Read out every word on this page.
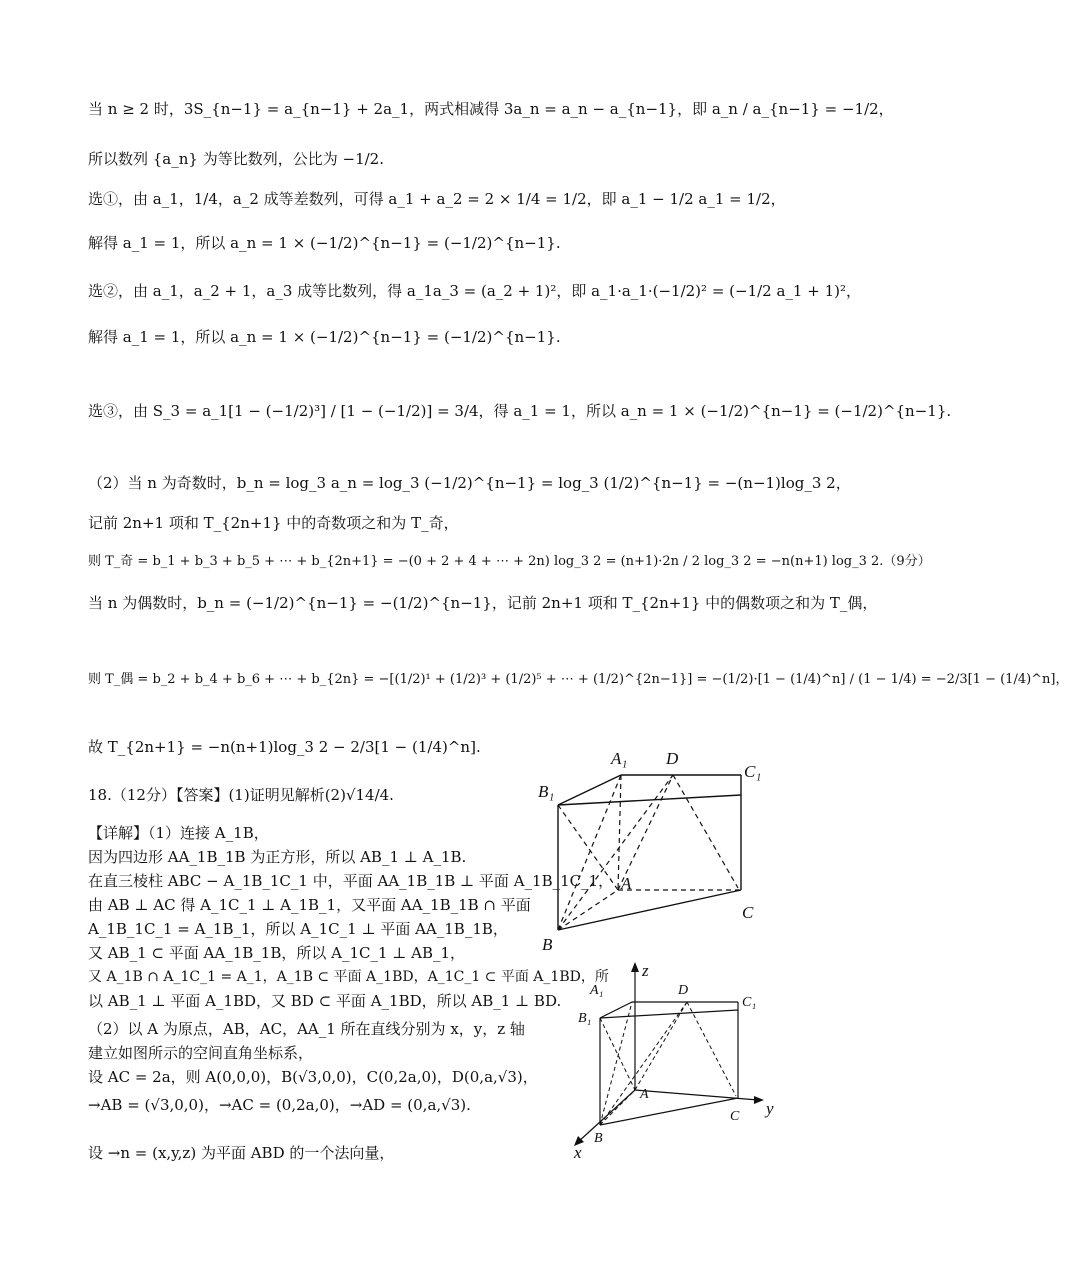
当 n ≥ 2 时，3S_{n−1} = a_{n−1} + 2a_1，两式相减得 3a_n = a_n − a_{n−1}，即 a_n / a_{n−1} = −1/2，
所以数列 {a_n} 为等比数列，公比为 −1/2.
选①，由 a_1，1/4，a_2 成等差数列，可得 a_1 + a_2 = 2 × 1/4 = 1/2，即 a_1 − 1/2 a_1 = 1/2，
解得 a_1 = 1，所以 a_n = 1 × (−1/2)^{n−1} = (−1/2)^{n−1}.
选②，由 a_1，a_2 + 1，a_3 成等比数列，得 a_1a_3 = (a_2 + 1)²，即 a_1·a_1·(−1/2)² = (−1/2 a_1 + 1)²，
解得 a_1 = 1，所以 a_n = 1 × (−1/2)^{n−1} = (−1/2)^{n−1}.
选③，由 S_3 = a_1[1 − (−1/2)³] / [1 − (−1/2)] = 3/4，得 a_1 = 1，所以 a_n = 1 × (−1/2)^{n−1} = (−1/2)^{n−1}.
（2）当 n 为奇数时，b_n = log_3 a_n = log_3 (−1/2)^{n−1} = log_3 (1/2)^{n−1} = −(n−1)log_3 2，
记前 2n+1 项和 T_{2n+1} 中的奇数项之和为 T_奇，
则 T_奇 = b_1 + b_3 + b_5 + ⋯ + b_{2n+1} = −(0 + 2 + 4 + ⋯ + 2n) log_3 2 = (n+1)·2n / 2 log_3 2 = −n(n+1) log_3 2.（9分）
当 n 为偶数时，b_n = (−1/2)^{n−1} = −(1/2)^{n−1}，记前 2n+1 项和 T_{2n+1} 中的偶数项之和为 T_偶，
则 T_偶 = b_2 + b_4 + b_6 + ⋯ + b_{2n} = −[(1/2)¹ + (1/2)³ + (1/2)⁵ + ⋯ + (1/2)^{2n−1}] = −(1/2)·[1 − (1/4)^n] / (1 − 1/4) = −2/3[1 − (1/4)^n]，
故 T_{2n+1} = −n(n+1)log_3 2 − 2/3[1 − (1/4)^n].
18.（12分）【答案】(1)证明见解析(2)√14/4.
【详解】（1）连接 A_1B，
因为四边形 AA_1B_1B 为正方形，所以 AB_1 ⊥ A_1B.
在直三棱柱 ABC − A_1B_1C_1 中，平面 AA_1B_1B ⊥ 平面 A_1B_1C_1，
由 AB ⊥ AC 得 A_1C_1 ⊥ A_1B_1，又平面 AA_1B_1B ∩ 平面
A_1B_1C_1 = A_1B_1，所以 A_1C_1 ⊥ 平面 AA_1B_1B，
又 AB_1 ⊂ 平面 AA_1B_1B，所以 A_1C_1 ⊥ AB_1，
又 A_1B ∩ A_1C_1 = A_1，A_1B ⊂ 平面 A_1BD，A_1C_1 ⊂ 平面 A_1BD，所
以 AB_1 ⊥ 平面 A_1BD，又 BD ⊂ 平面 A_1BD，所以 AB_1 ⊥ BD.
（2）以 A 为原点，AB，AC，AA_1 所在直线分别为 x，y，z 轴
建立如图所示的空间直角坐标系，
设 AC = 2a，则 A(0,0,0)，B(√3,0,0)，C(0,2a,0)，D(0,a,√3)，
→AB = (√3,0,0)，→AC = (0,2a,0)，→AD = (0,a,√3).
设 →n = (x,y,z) 为平面 ABD 的一个法向量，
A₁ D
C₁
B₁
A
C
B
z
A₁	D
C₁
B₁
A
C y
B
x
